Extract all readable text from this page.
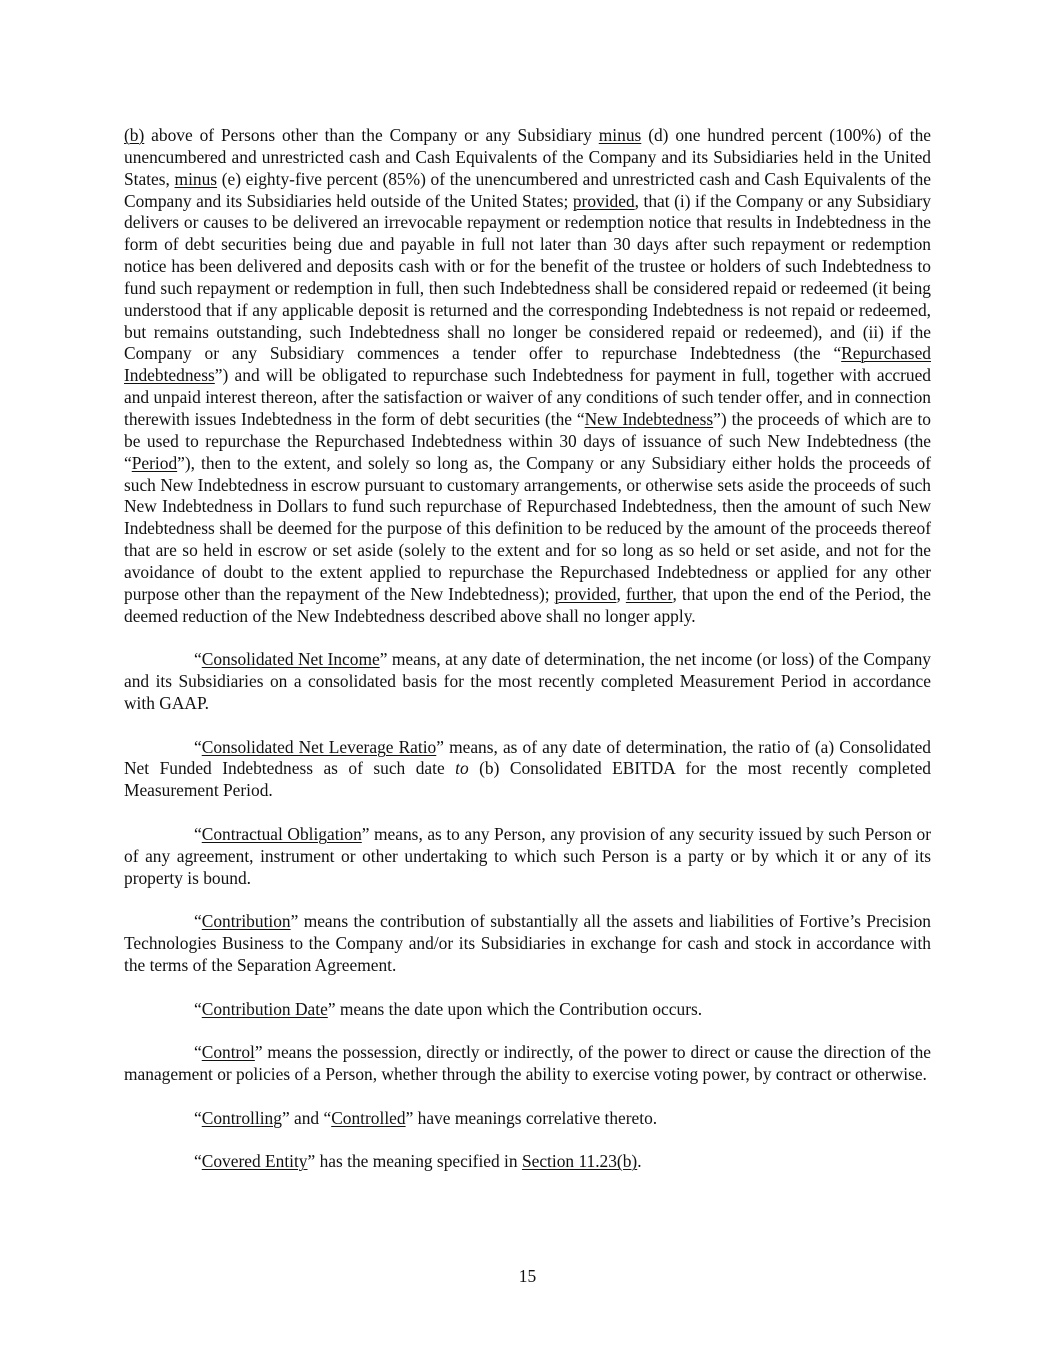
(b) above of Persons other than the Company or any Subsidiary minus (d) one hundred percent (100%) of the unencumbered and unrestricted cash and Cash Equivalents of the Company and its Subsidiaries held in the United States, minus (e) eighty-five percent (85%) of the unencumbered and unrestricted cash and Cash Equivalents of the Company and its Subsidiaries held outside of the United States; provided, that (i) if the Company or any Subsidiary delivers or causes to be delivered an irrevocable repayment or redemption notice that results in Indebtedness in the form of debt securities being due and payable in full not later than 30 days after such repayment or redemption notice has been delivered and deposits cash with or for the benefit of the trustee or holders of such Indebtedness to fund such repayment or redemption in full, then such Indebtedness shall be considered repaid or redeemed (it being understood that if any applicable deposit is returned and the corresponding Indebtedness is not repaid or redeemed, but remains outstanding, such Indebtedness shall no longer be considered repaid or redeemed), and (ii) if the Company or any Subsidiary commences a tender offer to repurchase Indebtedness (the “Repurchased Indebtedness”) and will be obligated to repurchase such Indebtedness for payment in full, together with accrued and unpaid interest thereon, after the satisfaction or waiver of any conditions of such tender offer, and in connection therewith issues Indebtedness in the form of debt securities (the “New Indebtedness”) the proceeds of which are to be used to repurchase the Repurchased Indebtedness within 30 days of issuance of such New Indebtedness (the “Period”), then to the extent, and solely so long as, the Company or any Subsidiary either holds the proceeds of such New Indebtedness in escrow pursuant to customary arrangements, or otherwise sets aside the proceeds of such New Indebtedness in Dollars to fund such repurchase of Repurchased Indebtedness, then the amount of such New Indebtedness shall be deemed for the purpose of this definition to be reduced by the amount of the proceeds thereof that are so held in escrow or set aside (solely to the extent and for so long as so held or set aside, and not for the avoidance of doubt to the extent applied to repurchase the Repurchased Indebtedness or applied for any other purpose other than the repayment of the New Indebtedness); provided, further, that upon the end of the Period, the deemed reduction of the New Indebtedness described above shall no longer apply.

“Consolidated Net Income” means, at any date of determination, the net income (or loss) of the Company and its Subsidiaries on a consolidated basis for the most recently completed Measurement Period in accordance with GAAP.

“Consolidated Net Leverage Ratio” means, as of any date of determination, the ratio of (a) Consolidated Net Funded Indebtedness as of such date to (b) Consolidated EBITDA for the most recently completed Measurement Period.

“Contractual Obligation” means, as to any Person, any provision of any security issued by such Person or of any agreement, instrument or other undertaking to which such Person is a party or by which it or any of its property is bound.

“Contribution” means the contribution of substantially all the assets and liabilities of Fortive’s Precision Technologies Business to the Company and/or its Subsidiaries in exchange for cash and stock in accordance with the terms of the Separation Agreement.

“Contribution Date” means the date upon which the Contribution occurs.

“Control” means the possession, directly or indirectly, of the power to direct or cause the direction of the management or policies of a Person, whether through the ability to exercise voting power, by contract or otherwise.

“Controlling” and “Controlled” have meanings correlative thereto.

“Covered Entity” has the meaning specified in Section 11.23(b).

15
